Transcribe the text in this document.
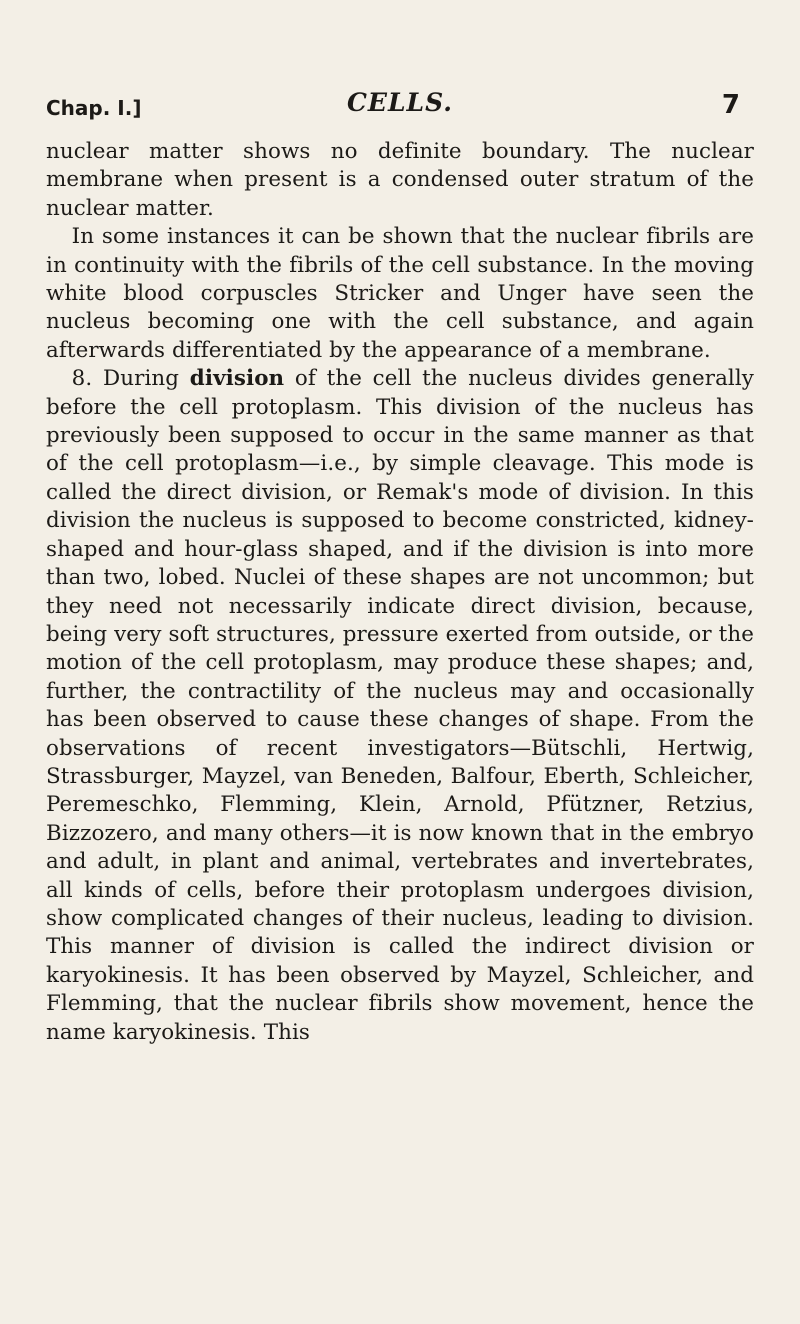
Chap. I.]	CELLS.	7

nuclear matter shows no definite boundary. The nuclear membrane when present is a condensed outer stratum of the nuclear matter.

In some instances it can be shown that the nuclear fibrils are in continuity with the fibrils of the cell substance. In the moving white blood corpuscles Stricker and Unger have seen the nucleus becoming one with the cell substance, and again afterwards differentiated by the appearance of a membrane.

8. During division of the cell the nucleus divides generally before the cell protoplasm. This division of the nucleus has previously been supposed to occur in the same manner as that of the cell protoplasm—i.e., by simple cleavage. This mode is called the direct division, or Remak's mode of division. In this division the nucleus is supposed to become constricted, kidney-shaped and hour-glass shaped, and if the division is into more than two, lobed. Nuclei of these shapes are not uncommon; but they need not necessarily indicate direct division, because, being very soft structures, pressure exerted from outside, or the motion of the cell protoplasm, may produce these shapes; and, further, the contractility of the nucleus may and occasionally has been observed to cause these changes of shape. From the observations of recent investigators—Bütschli, Hertwig, Strassburger, Mayzel, van Beneden, Balfour, Eberth, Schleicher, Peremeschko, Flemming, Klein, Arnold, Pfützner, Retzius, Bizzozero, and many others—it is now known that in the embryo and adult, in plant and animal, vertebrates and invertebrates, all kinds of cells, before their protoplasm undergoes division, show complicated changes of their nucleus, leading to division. This manner of division is called the indirect division or karyokinesis. It has been observed by Mayzel, Schleicher, and Flemming, that the nuclear fibrils show movement, hence the name karyokinesis. This
